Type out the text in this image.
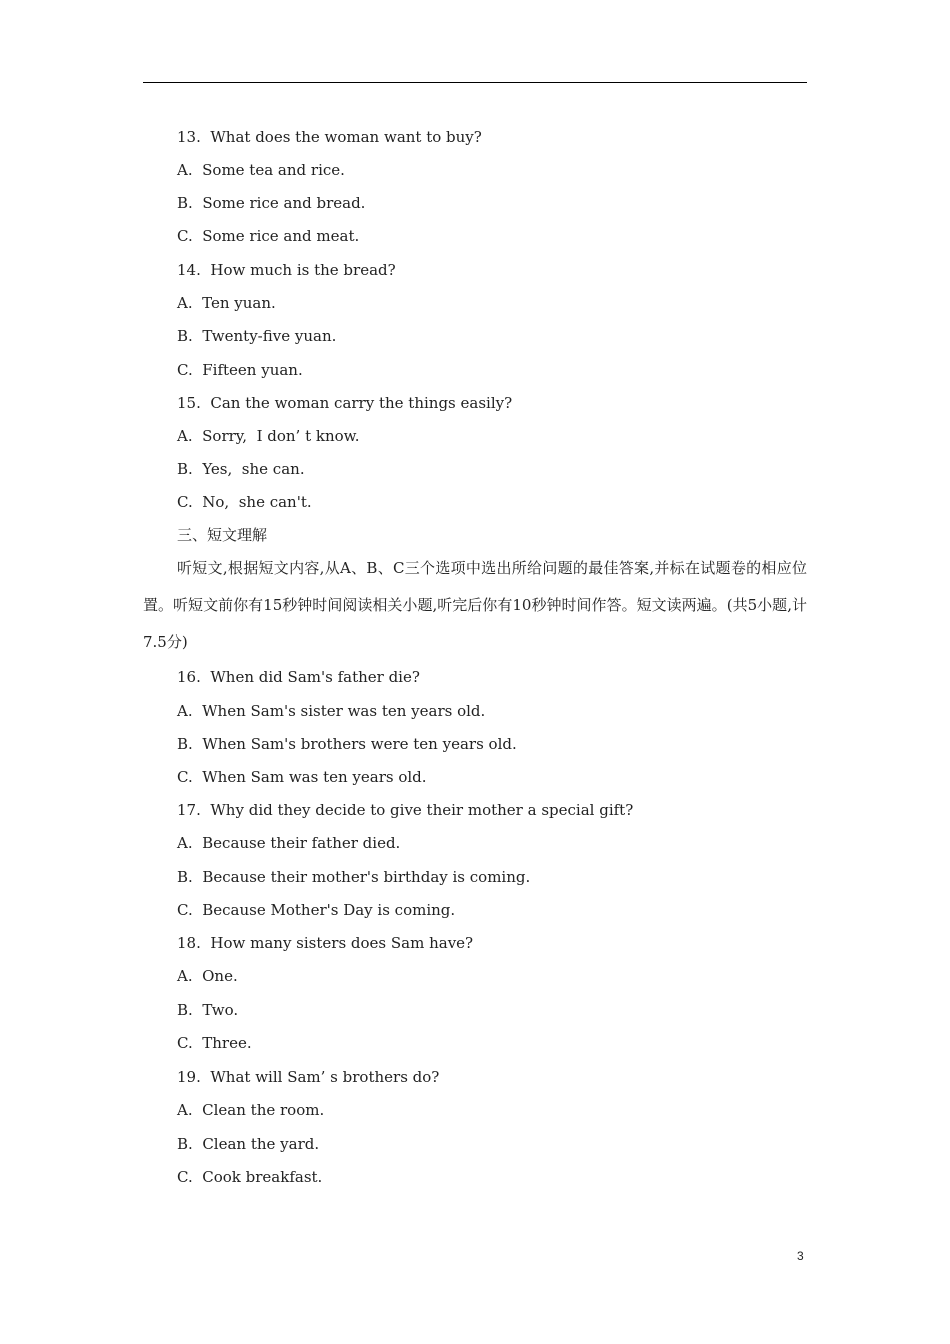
13.  What does the woman want to buy?
A.  Some tea and rice.
B.  Some rice and bread.
C.  Some rice and meat.
14.  How much is the bread?
A.  Ten yuan.
B.  Twenty-five yuan.
C.  Fifteen yuan.
15.  Can the woman carry the things easily?
A.  Sorry,  I don’ t know.
B.  Yes,  she can.
C.  No,  she can't.
三、短文理解
听短文,根据短文内容,从A、B、C三个选项中选出所给问题的最佳答案,并标在试题卷的相应位置。听短文前你有15秒钟时间阅读相关小题,听完后你有10秒钟时间作答。短文读两遍。(共5小题,计7.5分)
16.  When did Sam's father die?
A.  When Sam's sister was ten years old.
B.  When Sam's brothers were ten years old.
C.  When Sam was ten years old.
17.  Why did they decide to give their mother a special gift?
A.  Because their father died.
B.  Because their mother's birthday is coming.
C.  Because Mother's Day is coming.
18.  How many sisters does Sam have?
A.  One.
B.  Two.
C.  Three.
19.  What will Sam’ s brothers do?
A.  Clean the room.
B.  Clean the yard.
C.  Cook breakfast.
3
